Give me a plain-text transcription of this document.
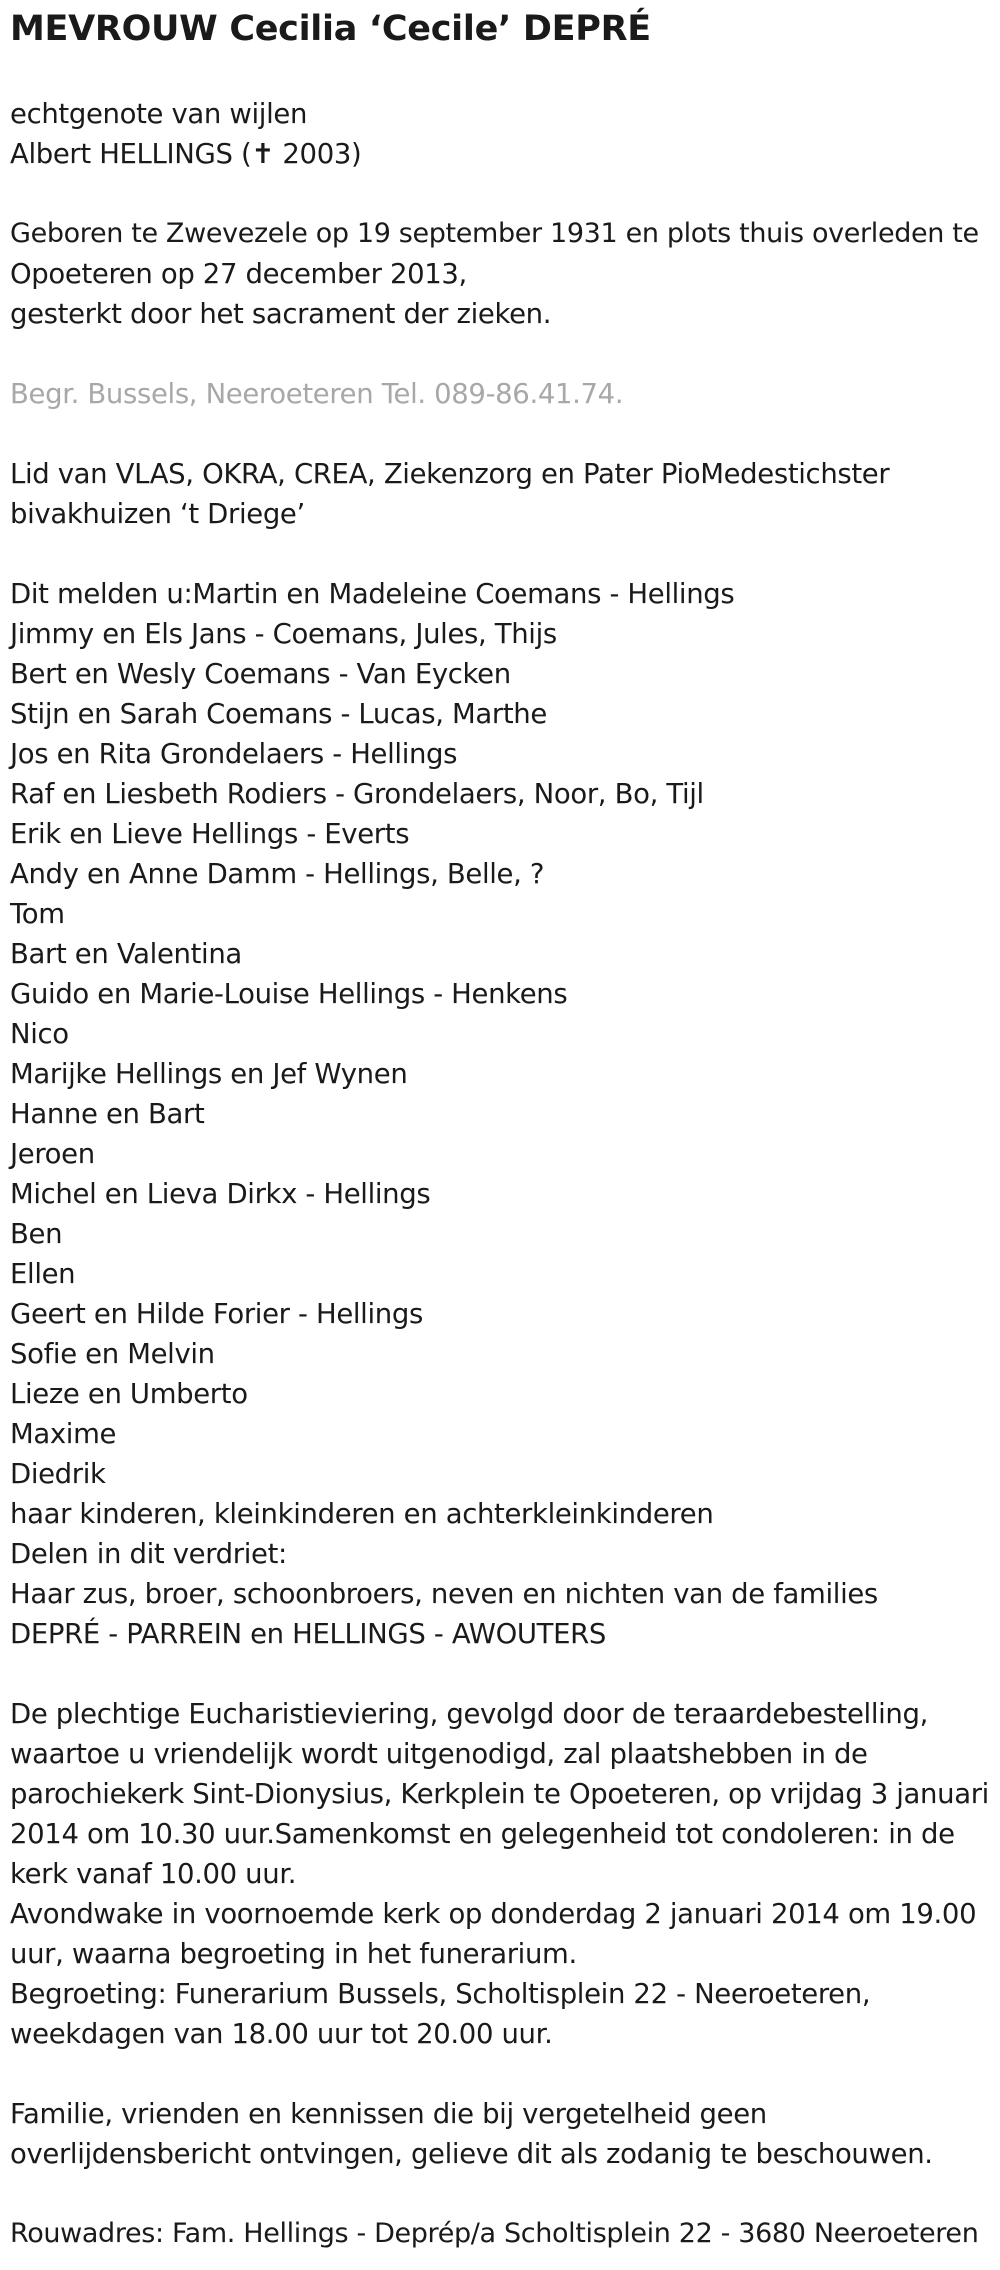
MEVROUW Cecilia ‘Cecile’ DEPRÉ
echtgenote van wijlen
Albert HELLINGS (✝ 2003)
Geboren te Zwevezele op 19 september 1931 en plots thuis overleden te
Opoeteren op 27 december 2013,
gesterkt door het sacrament der zieken.
Begr. Bussels, Neeroeteren Tel. 089-86.41.74.
Lid van VLAS, OKRA, CREA, Ziekenzorg en Pater PioMedestichster
bivakhuizen ‘t Driege’
Dit melden u:Martin en Madeleine Coemans - Hellings
Jimmy en Els Jans - Coemans, Jules, Thijs
Bert en Wesly Coemans - Van Eycken
Stijn en Sarah Coemans - Lucas, Marthe
Jos en Rita Grondelaers - Hellings
Raf en Liesbeth Rodiers - Grondelaers, Noor, Bo, Tijl
Erik en Lieve Hellings - Everts
Andy en Anne Damm - Hellings, Belle, ?
Tom
Bart en Valentina
Guido en Marie-Louise Hellings - Henkens
Nico
Marijke Hellings en Jef Wynen
Hanne en Bart
Jeroen
Michel en Lieva Dirkx - Hellings
Ben
Ellen
Geert en Hilde Forier - Hellings
Sofie en Melvin
Lieze en Umberto
Maxime
Diedrik
haar kinderen, kleinkinderen en achterkleinkinderen
Delen in dit verdriet:
Haar zus, broer, schoonbroers, neven en nichten van de families
DEPRÉ - PARREIN en HELLINGS - AWOUTERS
De plechtige Eucharistieviering, gevolgd door de teraardebestelling,
waartoe u vriendelijk wordt uitgenodigd, zal plaatshebben in de
parochiekerk Sint-Dionysius, Kerkplein te Opoeteren, op vrijdag 3 januari
2014 om 10.30 uur.Samenkomst en gelegenheid tot condoleren: in de
kerk vanaf 10.00 uur.
Avondwake in voornoemde kerk op donderdag 2 januari 2014 om 19.00
uur, waarna begroeting in het funerarium.
Begroeting: Funerarium Bussels, Scholtisplein 22 - Neeroeteren,
weekdagen van 18.00 uur tot 20.00 uur.
Familie, vrienden en kennissen die bij vergetelheid geen
overlijdensbericht ontvingen, gelieve dit als zodanig te beschouwen.
Rouwadres: Fam. Hellings - Deprép/a Scholtisplein 22 - 3680 Neeroeteren
